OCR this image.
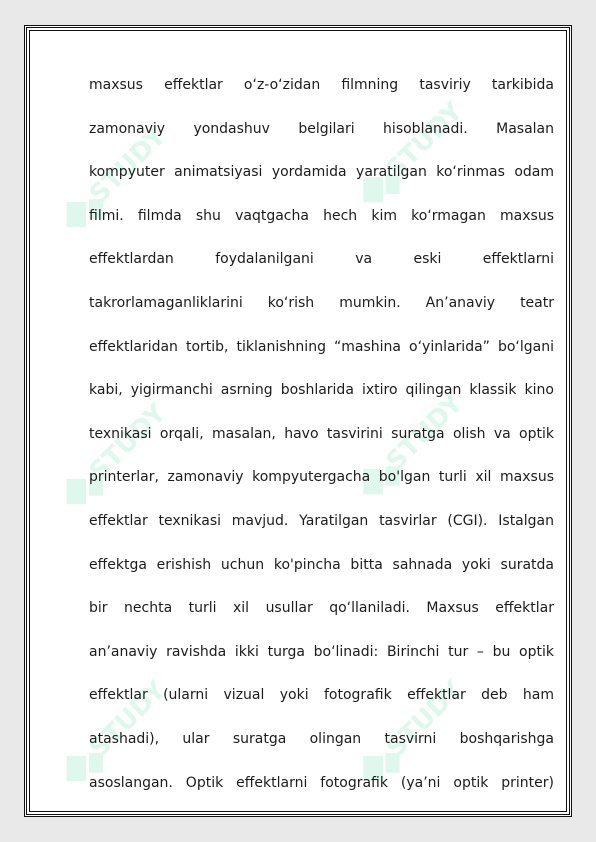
STUDY	STUDY
STUDY	STUDY
STUDY	STUDY
maxsus effektlar o‘z-o‘zidan filmning tasviriy tarkibida
zamonaviy yondashuv belgilari hisoblanadi. Masalan
kompyuter animatsiyasi yordamida yaratilgan ko‘rinmas odam
filmi. filmda shu vaqtgacha hech kim ko‘rmagan maxsus
effektlardan foydalanilgani va eski effektlarni
takrorlamaganliklarini ko‘rish mumkin. An’anaviy teatr
effektlaridan tortib, tiklanishning “mashina o‘yinlarida” bo‘lgani
kabi, yigirmanchi asrning boshlarida ixtiro qilingan klassik kino
texnikasi orqali, masalan, havo tasvirini suratga olish va optik
printerlar, zamonaviy kompyutergacha bo'lgan turli xil maxsus
effektlar texnikasi mavjud. Yaratilgan tasvirlar (CGI). Istalgan
effektga erishish uchun ko'pincha bitta sahnada yoki suratda
bir nechta turli xil usullar qo‘llaniladi. Maxsus effektlar
an’anaviy ravishda ikki turga bo‘linadi: Birinchi tur – bu optik
effektlar (ularni vizual yoki fotografik effektlar deb ham
atashadi), ular suratga olingan tasvirni boshqarishga
asoslangan. Optik effektlarni fotografik (ya’ni optik printer)
